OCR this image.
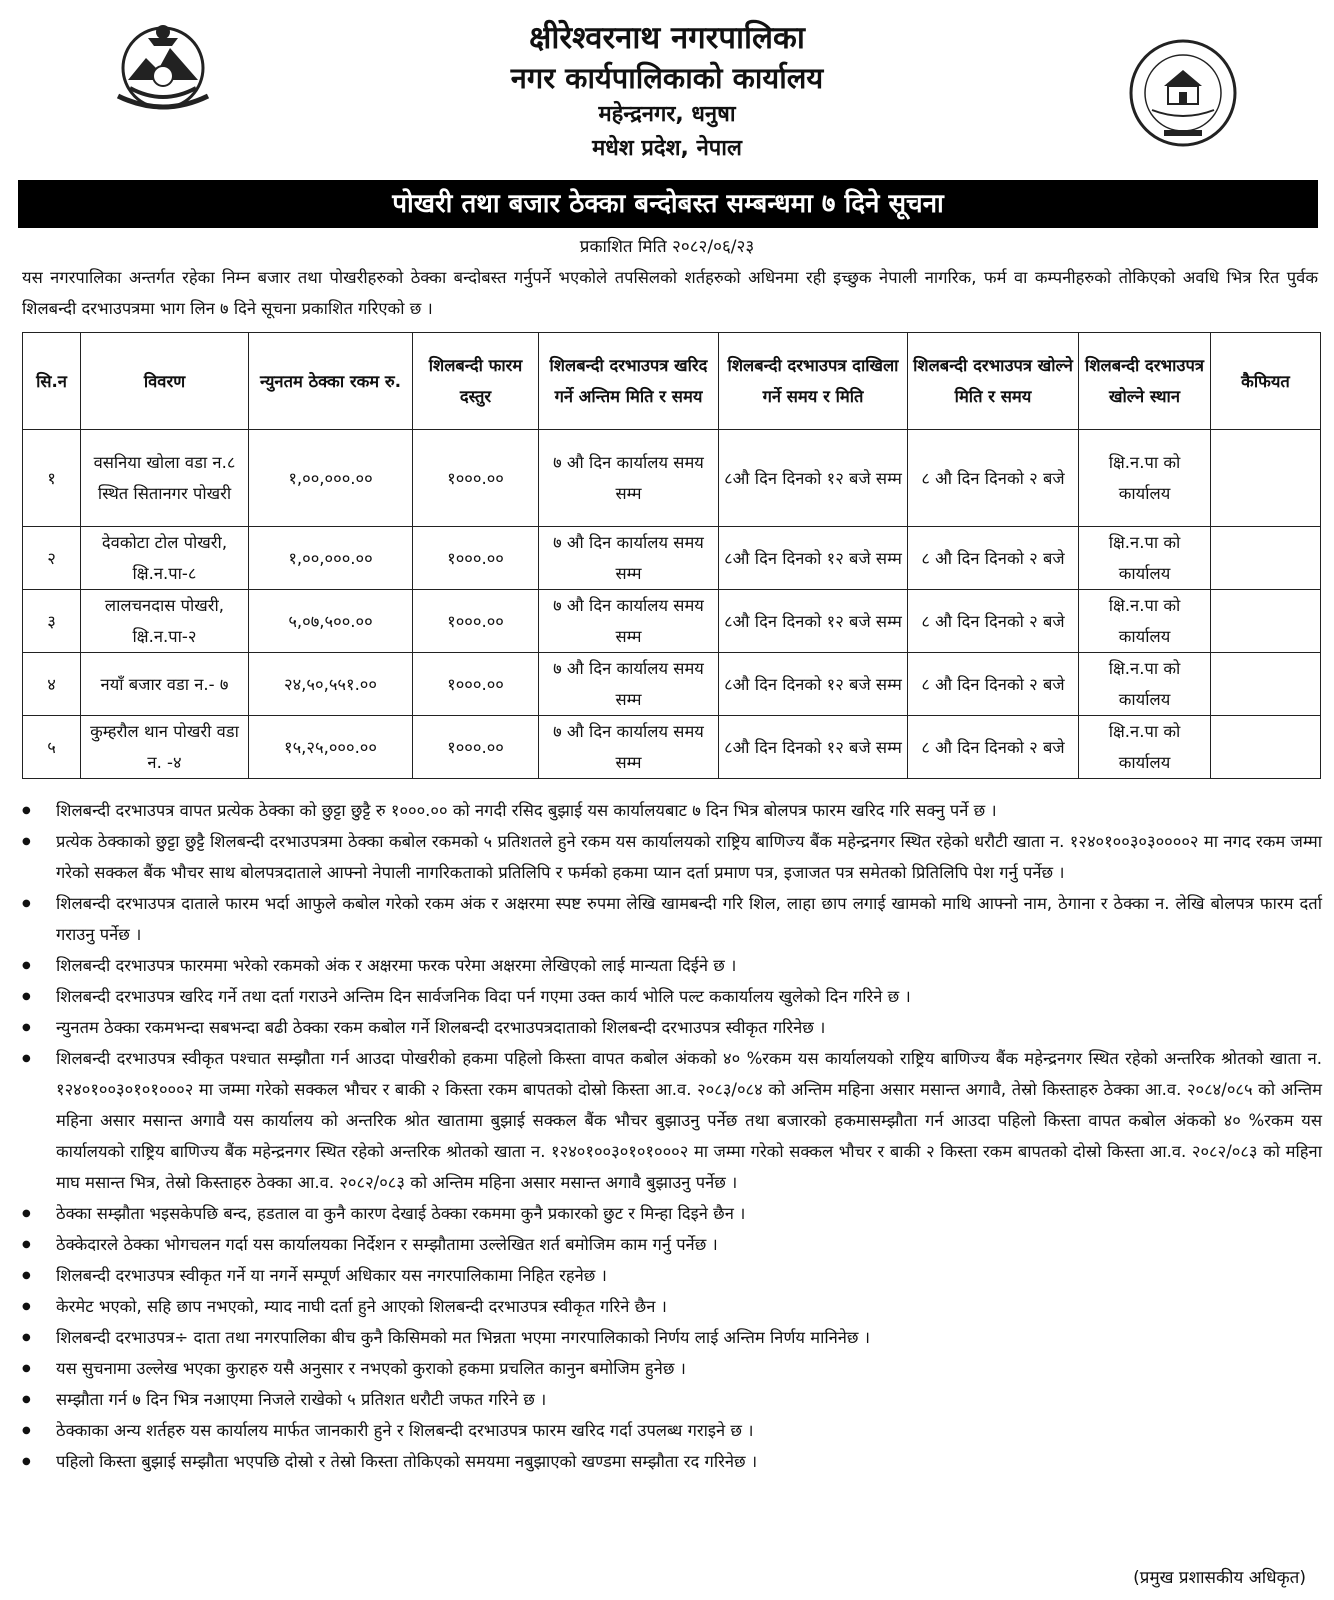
क्षीरेश्वरनाथ नगरपालिका
नगर कार्यपालिकाको कार्यालय
महेन्द्रनगर, धनुषा
मधेश प्रदेश, नेपाल
पोखरी तथा बजार ठेक्का बन्दोबस्त सम्बन्धमा ७ दिने सूचना
प्रकाशित मिति २०८२/०६/२३
यस नगरपालिका अन्तर्गत रहेका निम्न बजार तथा पोखरीहरुको ठेक्का बन्दोबस्त गर्नुपर्ने भएकोले तपसिलको शर्तहरुको अधिनमा रही इच्छुक नेपाली नागरिक, फर्म वा कम्पनीहरुको तोकिएको अवधि भित्र रित पुर्वक शिलबन्दी दरभाउपत्रमा भाग लिन ७ दिने सूचना प्रकाशित गरिएको छ ।
सि.न	विवरण	न्युनतम ठेक्का रकम रु.	शिलबन्दी फारम दस्तुर	शिलबन्दी दरभाउपत्र खरिद गर्ने अन्तिम मिति र समय	शिलबन्दी दरभाउपत्र दाखिला गर्ने समय र मिति	शिलबन्दी दरभाउपत्र खोल्ने मिति र समय	शिलबन्दी दरभाउपत्र खोल्ने स्थान	कैफियत
१	वसनिया खोला वडा न.८ स्थित सितानगर पोखरी	१,००,०००.००	१०००.००	७ औ दिन कार्यालय समय सम्म	८औ दिन दिनको १२ बजे सम्म	८ औ दिन दिनको २ बजे	क्षि.न.पा को कार्यालय	
२	देवकोटा टोल पोखरी, क्षि.न.पा-८	१,००,०००.००	१०००.००	७ औ दिन कार्यालय समय सम्म	८औ दिन दिनको १२ बजे सम्म	८ औ दिन दिनको २ बजे	क्षि.न.पा को कार्यालय	
३	लालचनदास पोखरी, क्षि.न.पा-२	५,०७,५००.००	१०००.००	७ औ दिन कार्यालय समय सम्म	८औ दिन दिनको १२ बजे सम्म	८ औ दिन दिनको २ बजे	क्षि.न.पा को कार्यालय	
४	नयाँ बजार वडा न.- ७	२४,५०,५५१.००	१०००.००	७ औ दिन कार्यालय समय सम्म	८औ दिन दिनको १२ बजे सम्म	८ औ दिन दिनको २ बजे	क्षि.न.पा को कार्यालय	
५	कुम्हरौल थान पोखरी वडा न. -४	१५,२५,०००.००	१०००.००	७ औ दिन कार्यालय समय सम्म	८औ दिन दिनको १२ बजे सम्म	८ औ दिन दिनको २ बजे	क्षि.न.पा को कार्यालय	
● शिलबन्दी दरभाउपत्र वापत प्रत्येक ठेक्का को छुट्टा छुट्टै रु १०००.०० को नगदी रसिद बुझाई यस कार्यालयबाट ७ दिन भित्र बोलपत्र फारम खरिद गरि सक्नु पर्ने छ ।
● प्रत्येक ठेक्काको छुट्टा छुट्टै शिलबन्दी दरभाउपत्रमा ठेक्का कबोल रकमको ५ प्रतिशतले हुने रकम यस कार्यालयको राष्ट्रिय बाणिज्य बैंक महेन्द्रनगर स्थित रहेको धरौटी खाता न. १२४०१००३०३००००२ मा नगद रकम जम्मा गरेको सक्कल बैंक भौचर साथ बोलपत्रदाताले आफ्नो नेपाली नागरिकताको प्रतिलिपि र फर्मको हकमा प्यान दर्ता प्रमाण पत्र, इजाजत पत्र समेतको प्रितिलिपि पेश गर्नु पर्नेछ ।
● शिलबन्दी दरभाउपत्र दाताले फारम भर्दा आफुले कबोल गरेको रकम अंक र अक्षरमा स्पष्ट रुपमा लेखि खामबन्दी गरि शिल, लाहा छाप लगाई खामको माथि आफ्नो नाम, ठेगाना र ठेक्का न. लेखि बोलपत्र फारम दर्ता गराउनु पर्नेछ ।
● शिलबन्दी दरभाउपत्र फारममा भरेको रकमको अंक र अक्षरमा फरक परेमा अक्षरमा लेखिएको लाई मान्यता दिईने छ ।
● शिलबन्दी दरभाउपत्र खरिद गर्ने तथा दर्ता गराउने अन्तिम दिन सार्वजनिक विदा पर्न गएमा उक्त कार्य भोलि पल्ट ककार्यालय खुलेको दिन गरिने छ ।
● न्युनतम ठेक्का रकमभन्दा सबभन्दा बढी ठेक्का रकम कबोल गर्ने शिलबन्दी दरभाउपत्रदाताको शिलबन्दी दरभाउपत्र स्वीकृत गरिनेछ ।
● शिलबन्दी दरभाउपत्र स्वीकृत पश्चात सम्झौता गर्न आउदा पोखरीको हकमा पहिलो किस्ता वापत कबोल अंकको ४० %रकम यस कार्यालयको राष्ट्रिय बाणिज्य बैंक महेन्द्रनगर स्थित रहेको अन्तरिक श्रोतको खाता न. १२४०१००३०१०१०००२ मा जम्मा गरेको सक्कल भौचर र बाकी २ किस्ता रकम बापतको दोस्रो किस्ता आ.व. २०८३/०८४ को अन्तिम महिना असार मसान्त अगावै, तेस्रो किस्ताहरु ठेक्का आ.व. २०८४/०८५ को अन्तिम महिना असार मसान्त अगावै यस कार्यालय को अन्तरिक श्रोत खातामा बुझाई सक्कल बैंक भौचर बुझाउनु पर्नेछ तथा बजारको हकमासम्झौता गर्न आउदा पहिलो किस्ता वापत कबोल अंकको ४० %रकम यस कार्यालयको राष्ट्रिय बाणिज्य बैंक महेन्द्रनगर स्थित रहेको अन्तरिक श्रोतको खाता न. १२४०१००३०१०१०००२ मा जम्मा गरेको सक्कल भौचर र बाकी २ किस्ता रकम बापतको दोस्रो किस्ता आ.व. २०८२/०८३ को महिना माघ मसान्त भित्र, तेस्रो किस्ताहरु ठेक्का आ.व. २०८२/०८३ को अन्तिम महिना असार मसान्त अगावै बुझाउनु पर्नेछ ।
● ठेक्का सम्झौता भइसकेपछि बन्द, हडताल वा कुनै कारण देखाई ठेक्का रकममा कुनै प्रकारको छुट र मिन्हा दिइने छैन ।
● ठेक्केदारले ठेक्का भोगचलन गर्दा यस कार्यालयका निर्देशन र सम्झौतामा उल्लेखित शर्त बमोजिम काम गर्नु पर्नेछ ।
● शिलबन्दी दरभाउपत्र स्वीकृत गर्ने या नगर्ने सम्पूर्ण अधिकार यस नगरपालिकामा निहित रहनेछ ।
● केरमेट भएको, सहि छाप नभएको, म्याद नाघी दर्ता हुने आएको शिलबन्दी दरभाउपत्र स्वीकृत गरिने छैन ।
● शिलबन्दी दरभाउपत्र÷ दाता तथा नगरपालिका बीच कुनै किसिमको मत भिन्नता भएमा नगरपालिकाको निर्णय लाई अन्तिम निर्णय मानिनेछ ।
● यस सुचनामा उल्लेख भएका कुराहरु यसै अनुसार र नभएको कुराको हकमा प्रचलित कानुन बमोजिम हुनेछ ।
● सम्झौता गर्न ७ दिन भित्र नआएमा निजले राखेको ५ प्रतिशत धरौटी जफत गरिने छ ।
● ठेक्काका अन्य शर्तहरु यस कार्यालय मार्फत जानकारी हुने र शिलबन्दी दरभाउपत्र फारम खरिद गर्दा उपलब्ध गराइने छ ।
● पहिलो किस्ता बुझाई सम्झौता भएपछि दोस्रो र तेस्रो किस्ता तोकिएको समयमा नबुझाएको खण्डमा सम्झौता रद गरिनेछ ।
(प्रमुख प्रशासकीय अधिकृत)
